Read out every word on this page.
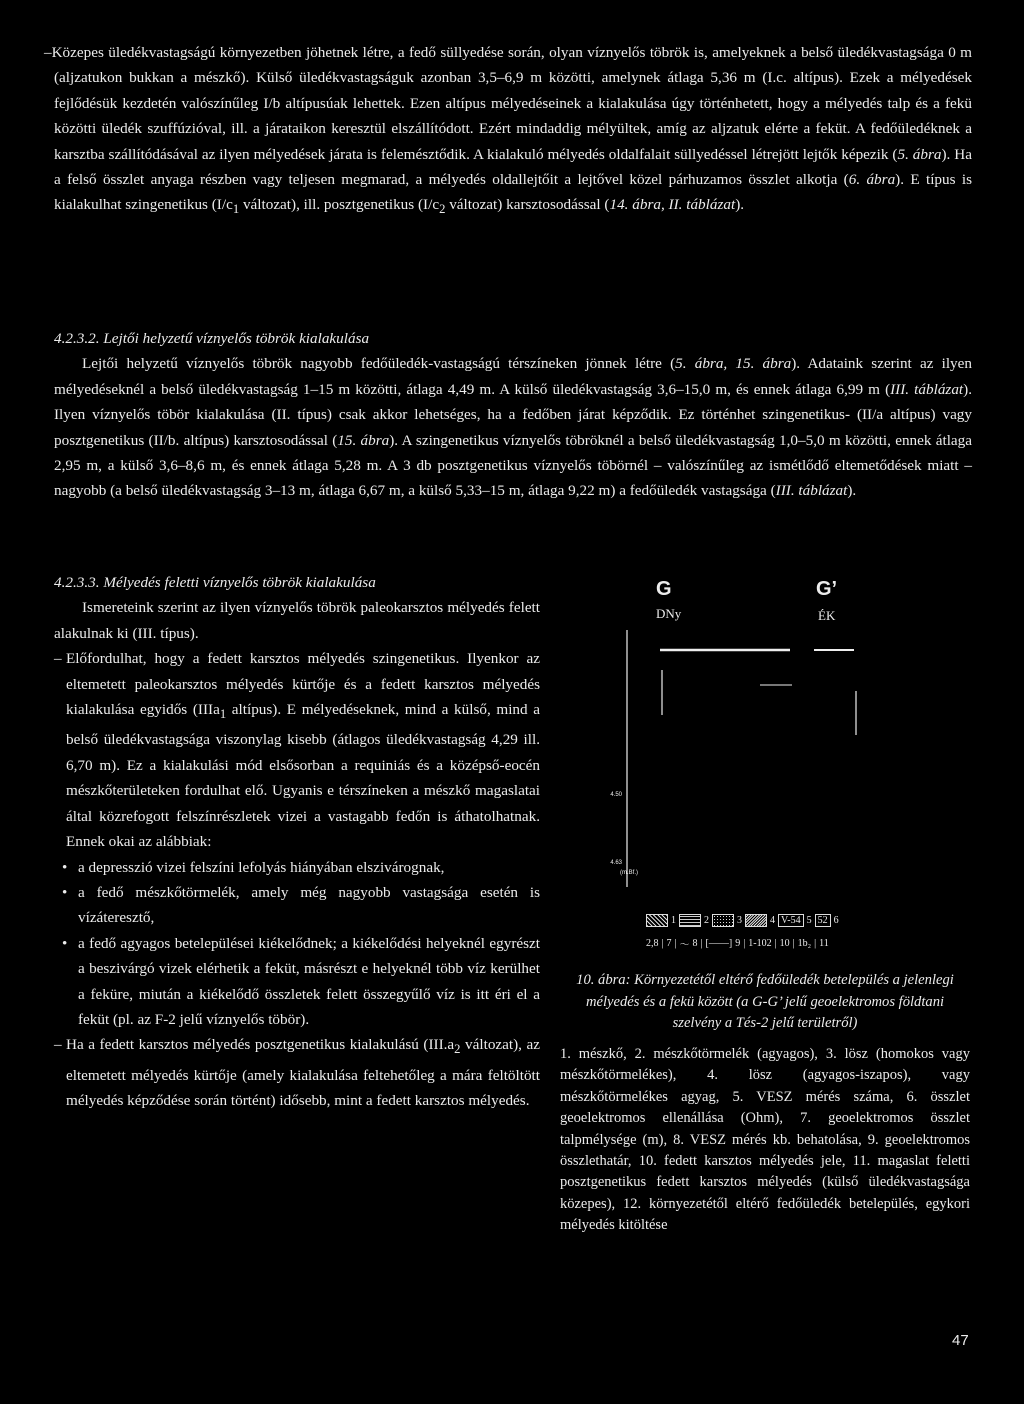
–Közepes üledékvastagságú környezetben jöhetnek létre, a fedő süllyedése során, olyan víznyelős töbrök is, amelyeknek a belső üledékvastagsága 0 m (aljzatukon bukkan a mészkő). Külső üledékvastagságuk azonban 3,5–6,9 m közötti, amelynek átlaga 5,36 m (I.c. altípus). Ezek a mélyedések fejlődésük kezdetén valószínűleg I/b altípusúak lehettek. Ezen altípus mélyedéseinek a kialakulása úgy történhetett, hogy a mélyedés talp és a fekü közötti üledék szuffúzióval, ill. a járataikon keresztül elszállítódott. Ezért mindaddig mélyültek, amíg az aljzatuk elérte a feküt. A fedőüledéknek a karsztba szállítódásával az ilyen mélyedések járata is felemésztődik. A kialakuló mélyedés oldalfalait süllyedéssel létrejött lejtők képezik (5. ábra). Ha a felső összlet anyaga részben vagy teljesen megmarad, a mélyedés oldallejtőit a lejtővel közel párhuzamos összlet alkotja (6. ábra). E típus is kialakulhat szingenetikus ($I/c_1$ változat), ill. posztgenetikus ($I/c_2$ változat) karsztosodással (14. ábra, II. táblázat).

4.2.3.2. Lejtői helyzetű víznyelős töbrök kialakulása

Lejtői helyzetű víznyelős töbrök nagyobb fedőüledék-vastagságú térszíneken jönnek létre (5. ábra, 15. ábra). Adataink szerint az ilyen mélyedéseknél a belső üledékvastagság 1–15 m közötti, átlaga 4,49 m. A külső üledékvastagság 3,6–15,0 m, és ennek átlaga 6,99 m (III. táblázat). Ilyen víznyelős töbör kialakulása (II. típus) csak akkor lehetséges, ha a fedőben járat képződik. Ez történhet szingenetikus- (II/a altípus) vagy posztgenetikus (II/b. altípus) karsztosodással (15. ábra). A szingenetikus víznyelős töbröknél a belső üledékvastagság 1,0–5,0 m közötti, ennek átlaga 2,95 m, a külső 3,6–8,6 m, és ennek átlaga 5,28 m. A 3 db posztgenetikus víznyelős töbörnél – valószínűleg az ismétlődő eltemetődések miatt – nagyobb (a belső üledékvastagság 3–13 m, átlaga 6,67 m, a külső 5,33–15 m, átlaga 9,22 m) a fedőüledék vastagsága (III. táblázat).

4.2.3.3. Mélyedés feletti víznyelős töbrök kialakulása

Ismereteink szerint az ilyen víznyelős töbrök paleokarsztos mélyedés felett alakulnak ki (III. típus).

– Előfordulhat, hogy a fedett karsztos mélyedés szingenetikus. Ilyenkor az eltemetett paleokarsztos mélyedés kürtője és a fedett karsztos mélyedés kialakulása egyidős (IIIa$_1$ altípus). E mélyedéseknek, mind a külső, mind a belső üledékvastagsága viszonylag kisebb (átlagos üledékvastagság 4,29 ill. 6,70 m). Ez a kialakulási mód elsősorban a requiniás és a középső-eocén mészkőterületeken fordulhat elő. Ugyanis e térszíneken a mészkő magaslatai által közrefogott felszínrészletek vizei a vastagabb fedőn is áthatolhatnak. Ennek okai az alábbiak:

• a depresszió vizei felszíni lefolyás hiányában elszivárognak,
• a fedő mészkőtörmelék, amely még nagyobb vastagsága esetén is vízáteresztő,
• a fedő agyagos betelepülései kiékelődnek; a kiékelődési helyeknél egyrészt a beszivárgó vizek elérhetik a feküt, másrészt e helyeknél több víz kerülhet a feküre, miután a kiékelődő összletek felett összegyűlő víz is itt éri el a feküt (pl. az F-2 jelű víznyelős töbör).

– Ha a fedett karsztos mélyedés posztgenetikus kialakulású ($III.a_2$ változat), az eltemetett mélyedés kürtője (amely kialakulása feltehetőleg a mára feltöltött mélyedés képződése során történt) idősebb, mint a fedett karsztos mélyedés.

G	G’
DNy	ÉK
4.50
4.63
(m.Bf.)
1	2	3	4 V-54 5 52 6
2,8 | 7 | ～ 8 | [——] 9 | 1-102 | 10 | 1b₂ | 11
10. ábra: Környezetétől eltérő fedőüledék betelepülés a jelenlegi mélyedés és a fekü között (a G-G’ jelű geoelektromos földtani szelvény a Tés-2 jelű területről)
1. mészkő, 2. mészkőtörmelék (agyagos), 3. lösz (homokos vagy mészkőtörmelékes), 4. lösz (agyagos-iszapos), vagy mészkőtörmelékes agyag, 5. VESZ mérés száma, 6. összlet geoelektromos ellenállása (Ohm), 7. geoelektromos összlet talpmélysége (m), 8. VESZ mérés kb. behatolása, 9. geoelektromos összlethatár, 10. fedett karsztos mélyedés jele, 11. magaslat feletti posztgenetikus fedett karsztos mélyedés (külső üledékvastagsága közepes), 12. környezetétől eltérő fedőüledék betelepülés, egykori mélyedés kitöltése
47
